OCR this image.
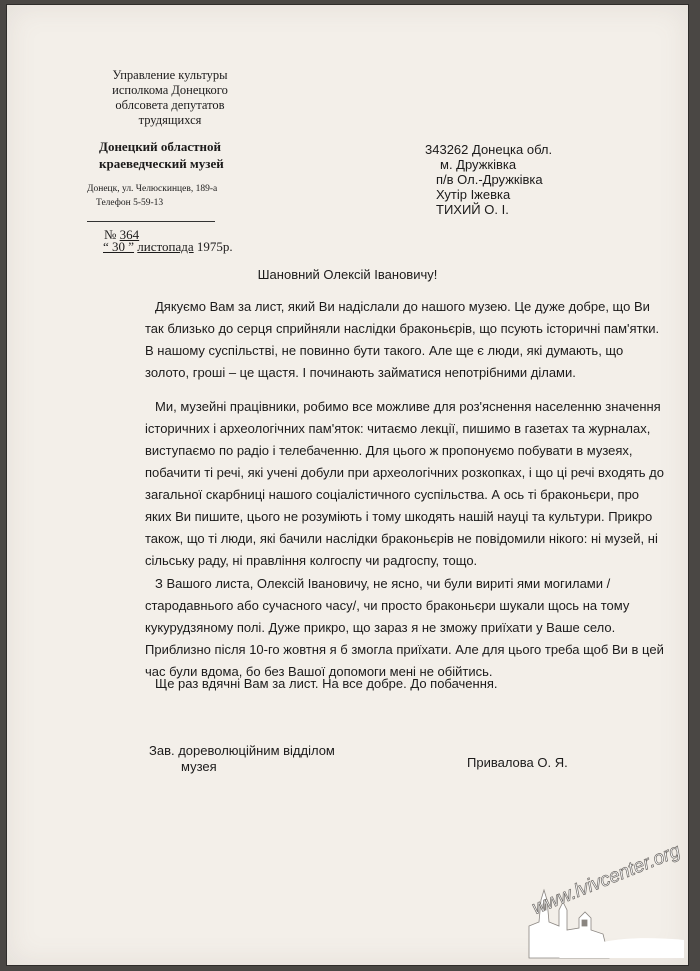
Управление культуры
исполкома Донецкого
облсовета депутатов
трудящихся
Донецкий областной
краеведческий музей
Донецк, ул. Челюскинцев, 189-а
Телефон 5-59-13
№ 364
“ 30 ” листопада 1975р.
343262 Донецка обл.
м. Дружківка
п/в Ол.-Дружківка
Хутір Іжевка
ТИХИЙ О. І.
Шановний Олексій Івановичу!
Дякуємо Вам за лист, який Ви надіслали до нашого музею. Це дуже добре, що Ви так близько до серця сприйняли наслідки браконьєрів, що псують історичні пам'ятки. В нашому суспільстві, не повинно бути такого. Але ще є люди, які думають, що золото, гроші – це щастя. І починають займатися непотрібними ділами.
Ми, музейні працівники, робимо все можливе для роз'яснення населенню значення історичних і археологічних пам'яток: читаємо лекції, пишимо в газетах та журналах, виступаємо по радіо і телебаченню. Для цього ж пропонуємо побувати в музеях, побачити ті речі, які учені добули при археологічних розкопках, і що ці речі входять до загальної скарбниці нашого соціалістичного суспільства. А ось ті браконьєри, про яких Ви пишите, цього не розуміють і тому шкодять нашій науці та культури. Прикро також, що ті люди, які бачили наслідки браконьєрів не повідомили нікого: ні музей, ні сільську раду, ні правління колгоспу чи радгоспу, тощо.
З Вашого листа, Олексій Івановичу, не ясно, чи були вириті ями могилами /стародавнього або сучасного часу/, чи просто браконьєри шукали щось на тому кукурудзяному полі. Дуже прикро, що зараз я не зможу приїхати у Ваше село. Приблизно після 10-го жовтня я б змогла приїхати. Але для цього треба щоб Ви в цей час були вдома, бо без Вашої допомоги мені не обійтись.
Ще раз вдячні Вам за лист. На все добре. До побачення.
Зав. дореволюційним відділом
музея	Привалова О. Я.
www.lvivcenter.org
